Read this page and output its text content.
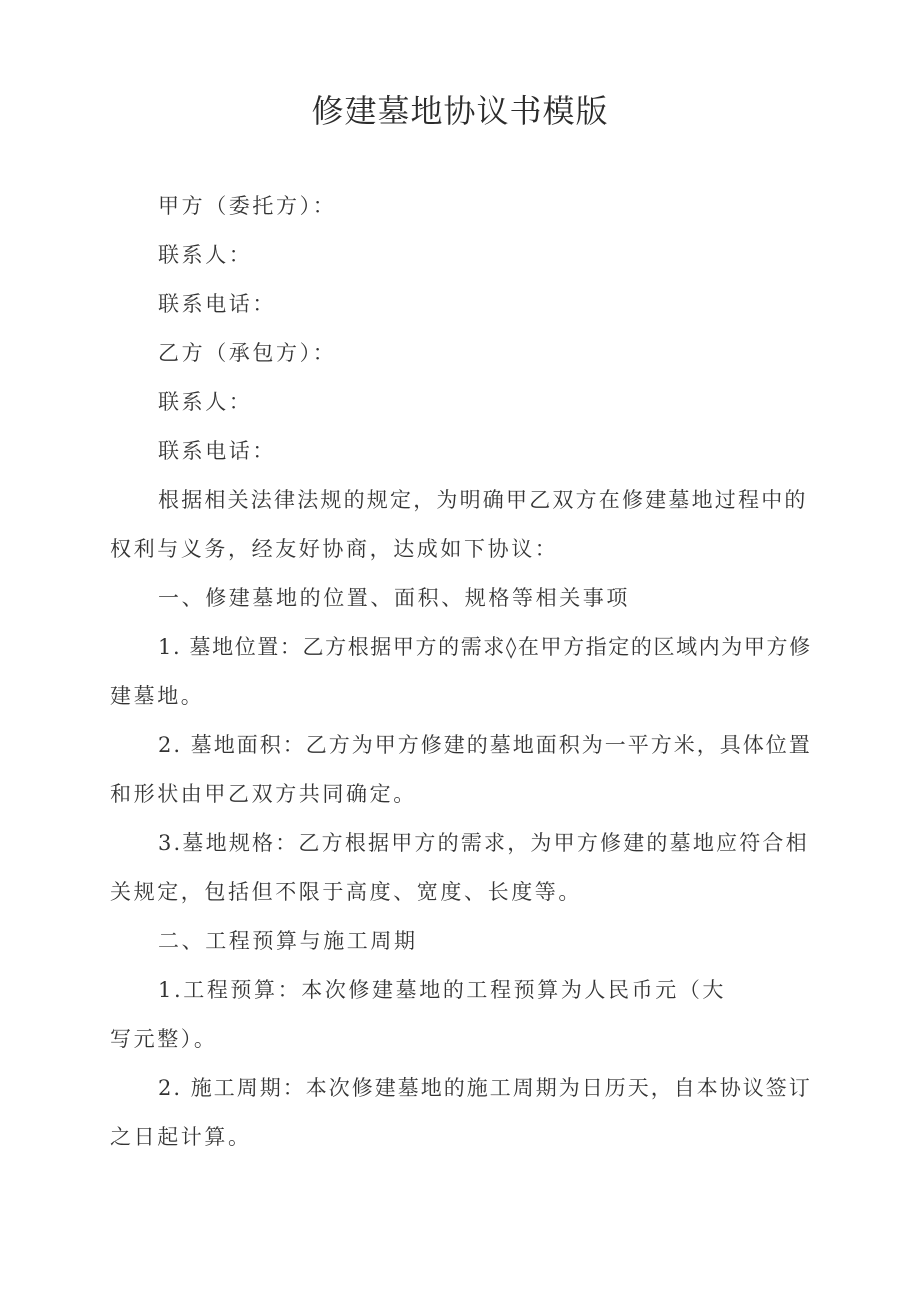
修建墓地协议书模版
甲方（委托方）：
联系人：
联系电话：
乙方（承包方）：
联系人：
联系电话：
根据相关法律法规的规定，为明确甲乙双方在修建墓地过程中的
权利与义务，经友好协商，达成如下协议：
一、修建墓地的位置、面积、规格等相关事项
1. 墓地位置：乙方根据甲方的需求◊在甲方指定的区域内为甲方修
建墓地。
2. 墓地面积：乙方为甲方修建的墓地面积为一平方米，具体位置
和形状由甲乙双方共同确定。
3.墓地规格：乙方根据甲方的需求，为甲方修建的墓地应符合相
关规定，包括但不限于高度、宽度、长度等。
二、工程预算与施工周期
1.工程预算：本次修建墓地的工程预算为人民币元（大
写元整）。
2. 施工周期：本次修建墓地的施工周期为日历天，自本协议签订
之日起计算。
